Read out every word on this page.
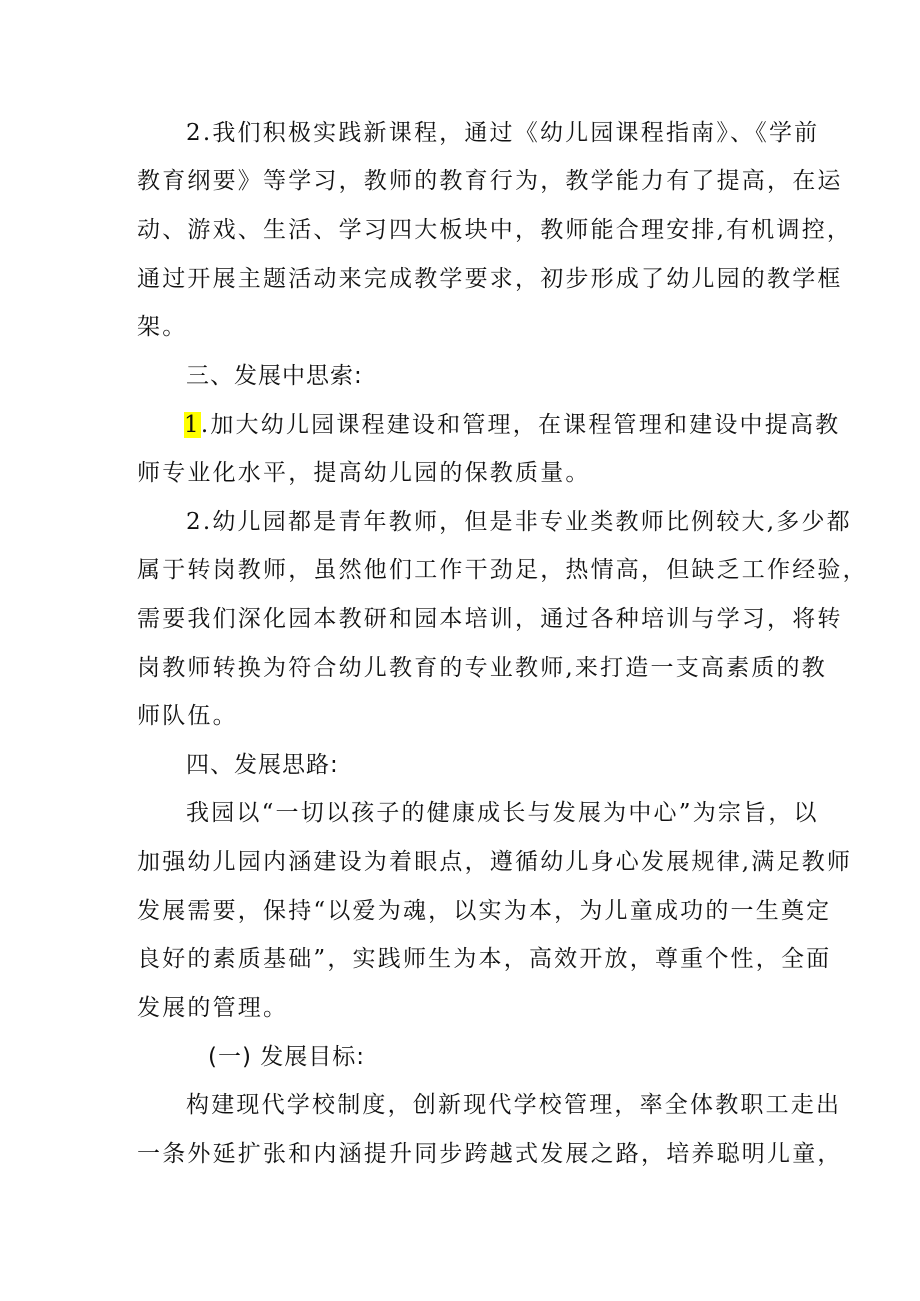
2.我们积极实践新课程，通过《幼儿园课程指南》、《学前
教育纲要》等学习，教师的教育行为，教学能力有了提高，在运
动、游戏、生活、学习四大板块中，教师能合理安排,有机调控，
通过开展主题活动来完成教学要求，初步形成了幼儿园的教学框
架。
三、发展中思索:
1.加大幼儿园课程建设和管理，在课程管理和建设中提高教
师专业化水平，提高幼儿园的保教质量。
2.幼儿园都是青年教师，但是非专业类教师比例较大,多少都
属于转岗教师，虽然他们工作干劲足，热情高，但缺乏工作经验，
需要我们深化园本教研和园本培训，通过各种培训与学习，将转
岗教师转换为符合幼儿教育的专业教师,来打造一支高素质的教
师队伍。
四、发展思路:
我园以“一切以孩子的健康成长与发展为中心”为宗旨，以
加强幼儿园内涵建设为着眼点，遵循幼儿身心发展规律,满足教师
发展需要，保持“以爱为魂，以实为本，为儿童成功的一生奠定
良好的素质基础”，实践师生为本，高效开放，尊重个性，全面
发展的管理。
(一) 发展目标:
构建现代学校制度，创新现代学校管理，率全体教职工走出
一条外延扩张和内涵提升同步跨越式发展之路，培养聪明儿童，
